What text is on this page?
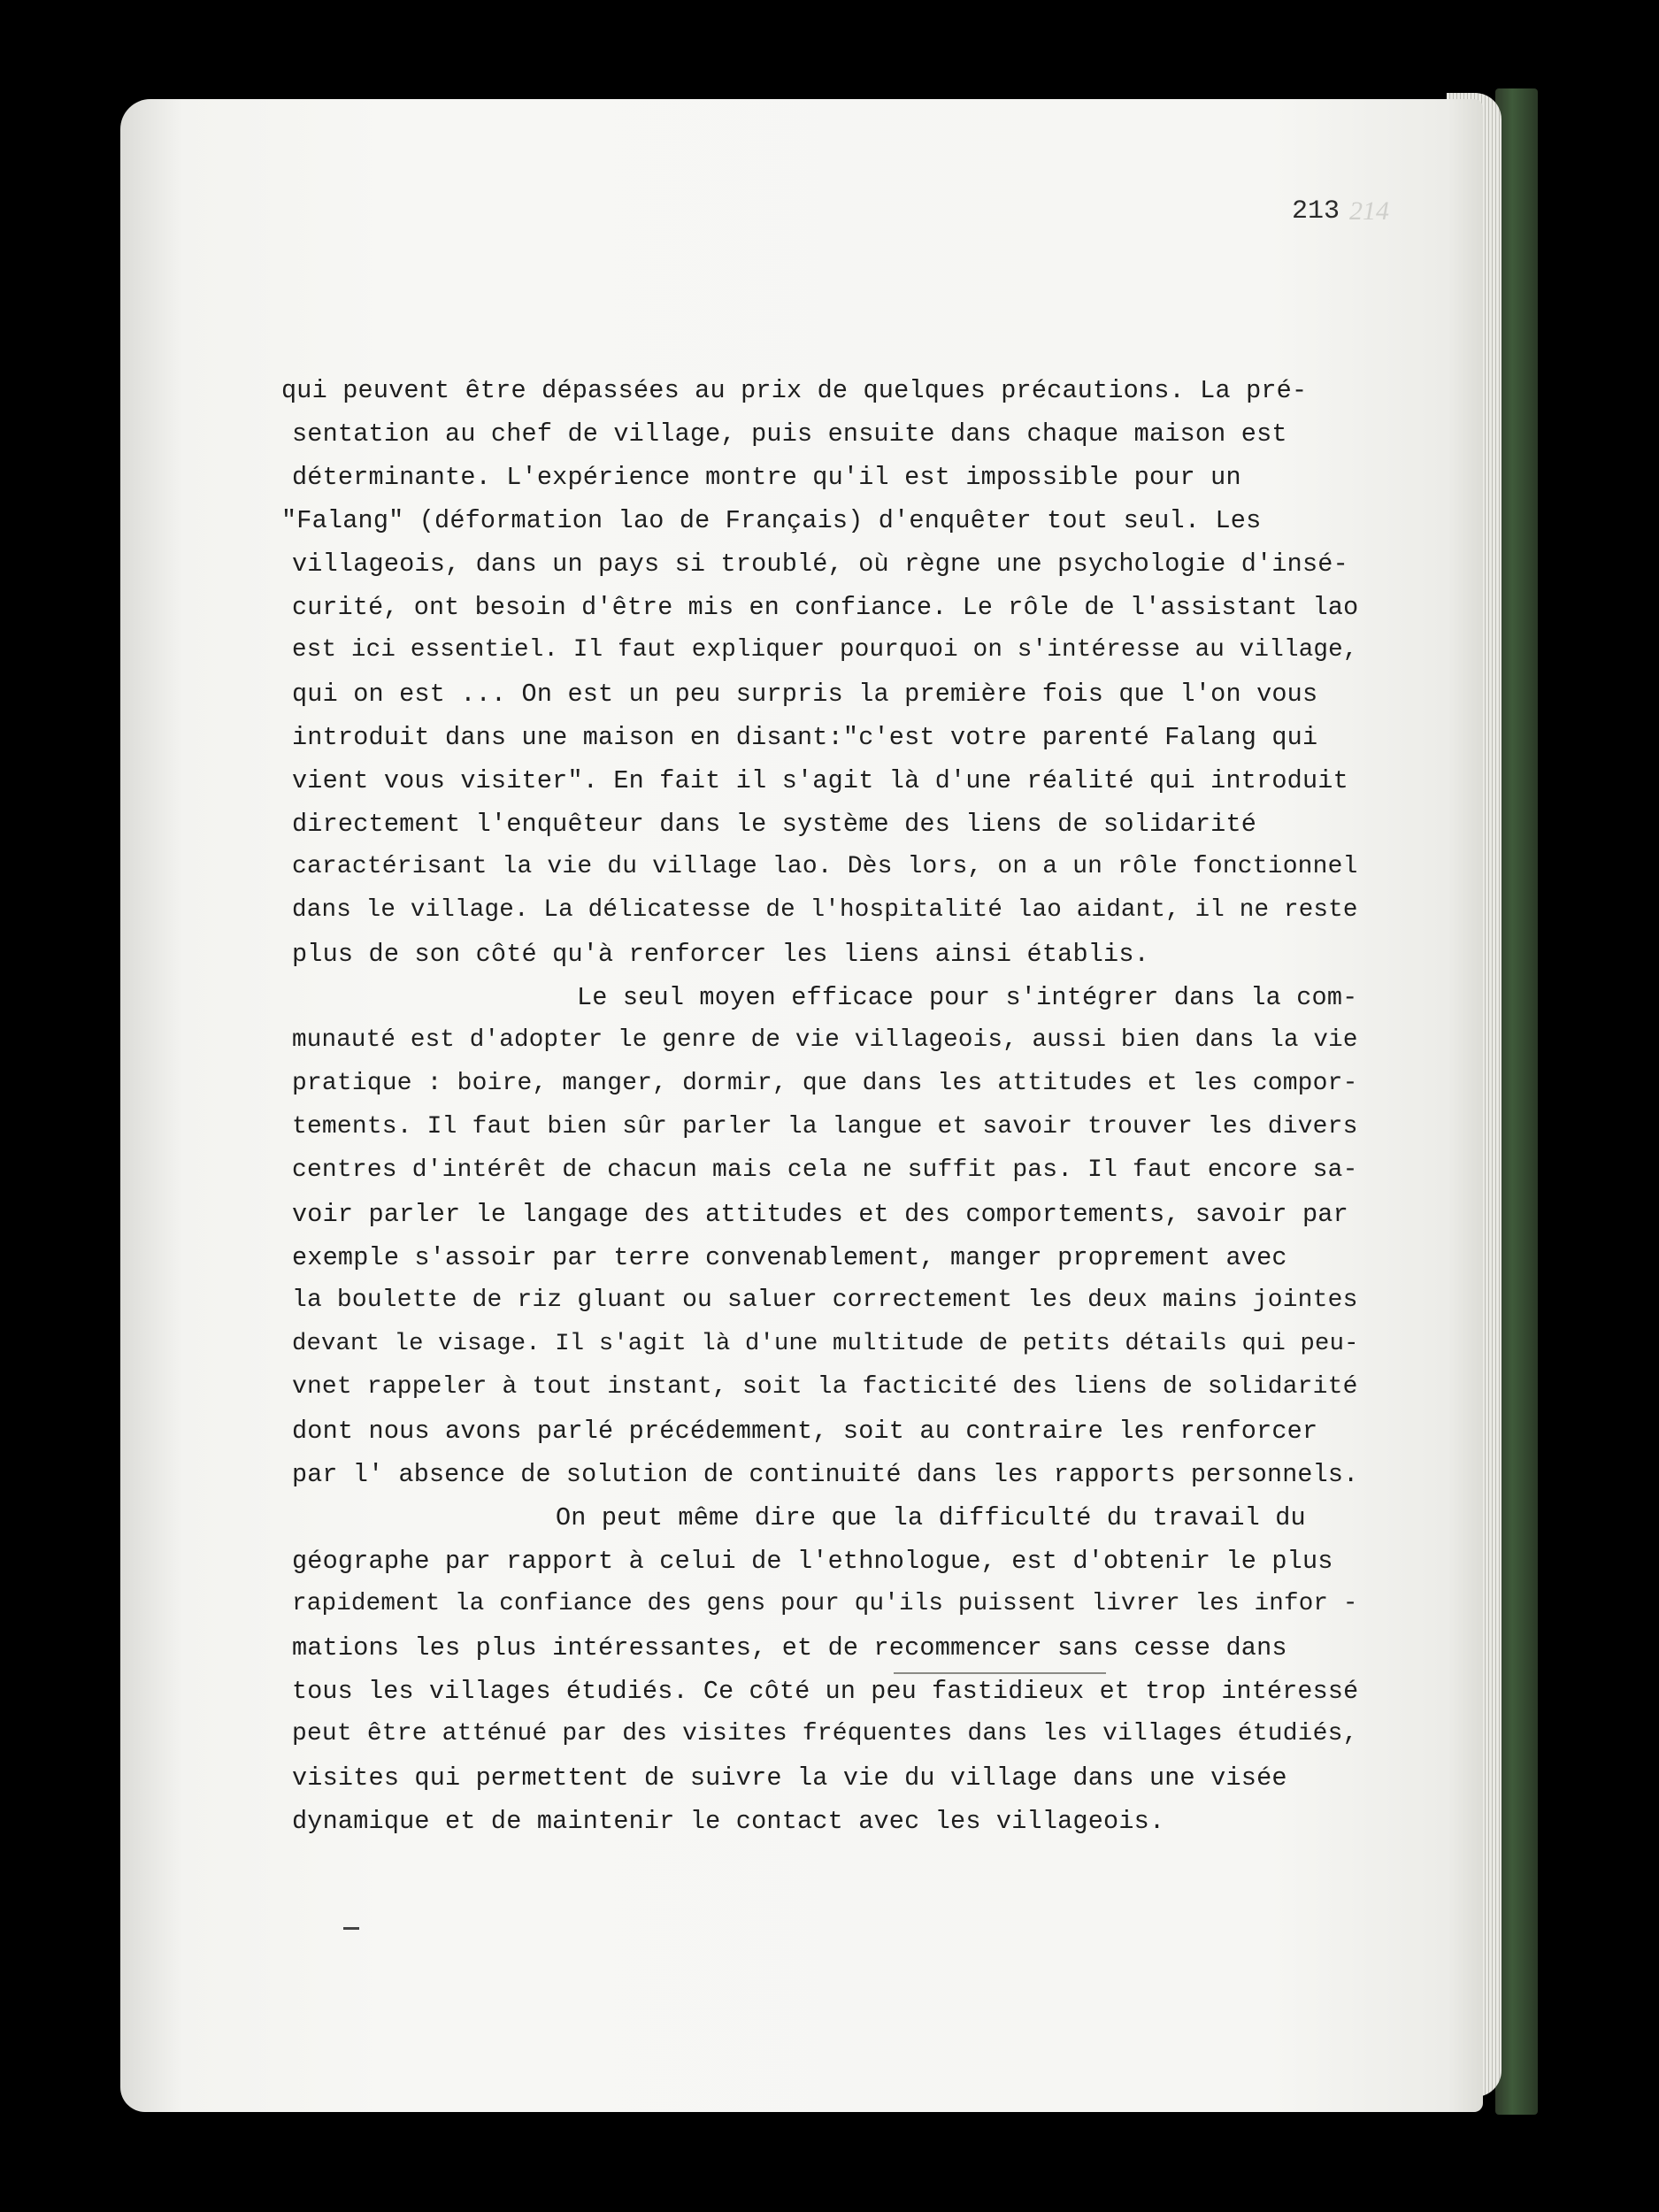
214
213
qui peuvent être dépassées au prix de quelques précautions. La pré-
sentation au chef de village, puis ensuite dans chaque maison est
déterminante. L'expérience montre qu'il est impossible pour un
"Falang" (déformation lao de Français) d'enquêter tout seul. Les
villageois, dans un pays si troublé, où règne une psychologie d'insé-
curité, ont besoin d'être mis en confiance. Le rôle de l'assistant lao
est ici essentiel. Il faut expliquer pourquoi on s'intéresse au village,
qui on est ... On est un peu surpris la première fois que l'on vous
introduit dans une maison en disant:"c'est votre parenté Falang qui
vient vous visiter". En fait il s'agit là d'une réalité qui introduit
directement l'enquêteur dans le système des liens de solidarité
caractérisant la vie du village lao. Dès lors, on a un rôle fonctionnel
dans le village. La délicatesse de l'hospitalité lao aidant, il ne reste
plus de son côté qu'à renforcer les liens ainsi établis.
Le seul moyen efficace pour s'intégrer dans la com-
munauté est d'adopter le genre de vie villageois, aussi bien dans la vie
pratique : boire, manger, dormir, que dans les attitudes et les compor-
tements. Il faut bien sûr parler la langue et savoir trouver les divers
centres d'intérêt de chacun mais cela ne suffit pas. Il faut encore sa-
voir parler le langage des attitudes et des comportements, savoir par
exemple s'assoir par terre convenablement, manger proprement avec
la boulette de riz gluant ou saluer correctement les deux mains jointes
devant le visage. Il s'agit là d'une multitude de petits détails qui peu-
vnet rappeler à tout instant, soit la facticité des liens de solidarité
dont nous avons parlé précédemment, soit au contraire les renforcer
par l' absence de solution de continuité dans les rapports personnels.
On peut même dire que la difficulté du travail du
géographe par rapport à celui de l'ethnologue, est d'obtenir le plus
rapidement la confiance des gens pour qu'ils puissent livrer les infor -
mations les plus intéressantes, et de recommencer sans cesse dans
tous les villages étudiés. Ce côté un peu fastidieux et trop intéressé
peut être atténué par des visites fréquentes dans les villages étudiés,
visites qui permettent de suivre la vie du village dans une visée
dynamique et de maintenir le contact avec les villageois.
